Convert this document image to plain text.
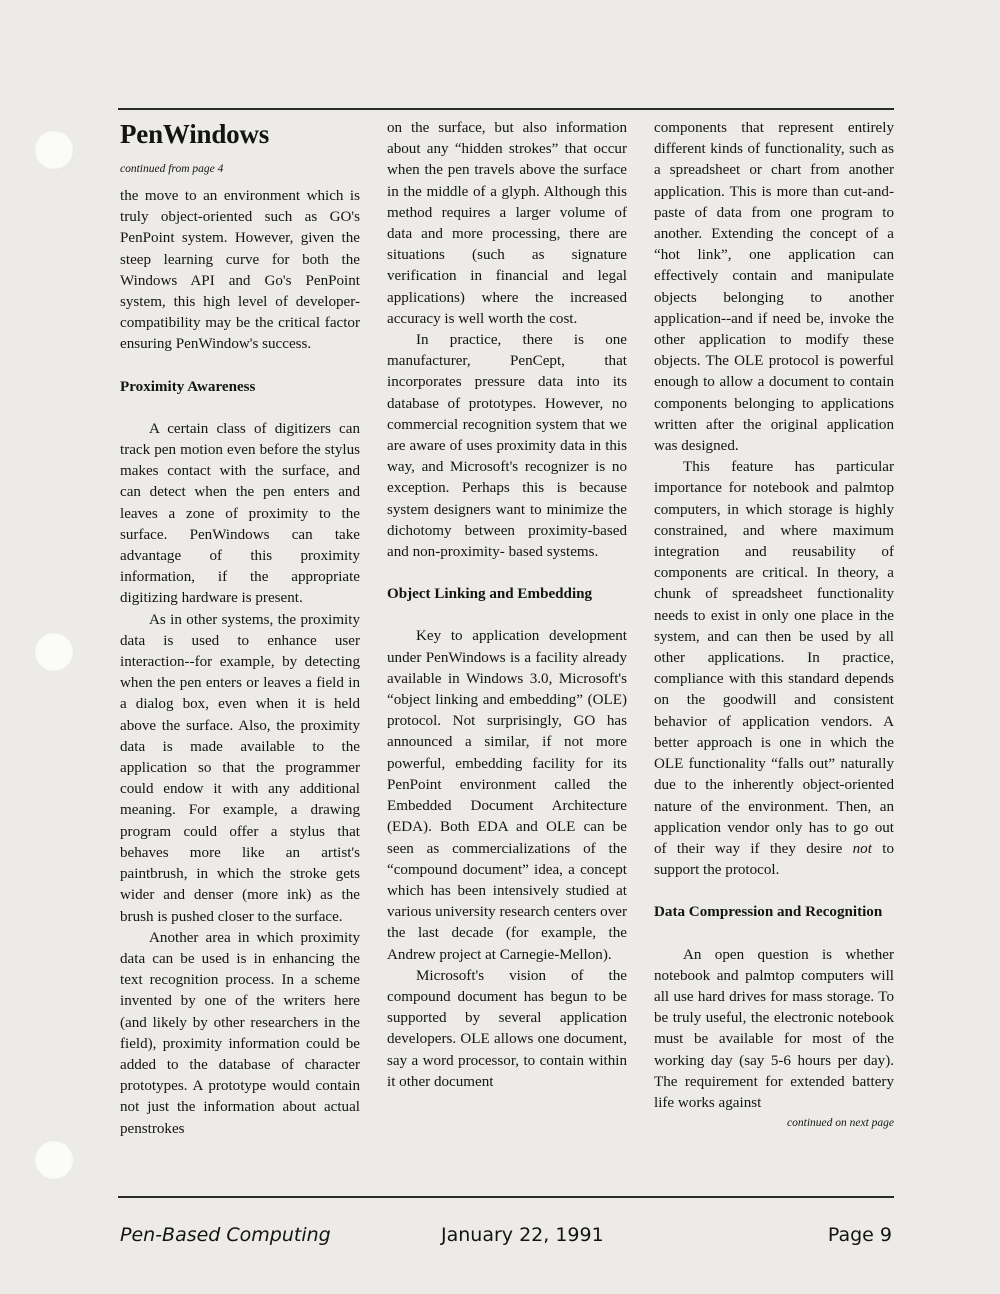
PenWindows
continued from page 4

the move to an environment which is truly object-oriented such as GO's PenPoint system. However, given the steep learning curve for both the Windows API and Go's PenPoint system, this high level of developer-compatibility may be the critical factor ensuring PenWindow's success.

Proximity Awareness

A certain class of digitizers can track pen motion even before the stylus makes contact with the surface, and can detect when the pen enters and leaves a zone of proximity to the surface. PenWindows can take advantage of this proximity information, if the appropriate digitizing hardware is present.

As in other systems, the proximity data is used to enhance user interaction--for example, by detecting when the pen enters or leaves a field in a dialog box, even when it is held above the surface. Also, the proximity data is made available to the application so that the programmer could endow it with any additional meaning. For example, a drawing program could offer a stylus that behaves more like an artist's paintbrush, in which the stroke gets wider and denser (more ink) as the brush is pushed closer to the surface.

Another area in which proximity data can be used is in enhancing the text recognition process. In a scheme invented by one of the writers here (and likely by other researchers in the field), proximity information could be added to the database of character prototypes. A prototype would contain not just the information about actual penstrokes

on the surface, but also information about any “hidden strokes” that occur when the pen travels above the surface in the middle of a glyph. Although this method requires a larger volume of data and more processing, there are situations (such as signature verification in financial and legal applications) where the increased accuracy is well worth the cost.

In practice, there is one manufacturer, PenCept, that incorporates pressure data into its database of prototypes. However, no commercial recognition system that we are aware of uses proximity data in this way, and Microsoft's recognizer is no exception. Perhaps this is because system designers want to minimize the dichotomy between proximity-based and non-proximity- based systems.

Object Linking and Embedding

Key to application development under PenWindows is a facility already available in Windows 3.0, Microsoft's “object linking and embedding” (OLE) protocol. Not surprisingly, GO has announced a similar, if not more powerful, embedding facility for its PenPoint environment called the Embedded Document Architecture (EDA). Both EDA and OLE can be seen as commercializations of the “compound document” idea, a concept which has been intensively studied at various university research centers over the last decade (for example, the Andrew project at Carnegie-Mellon).

Microsoft's vision of the compound document has begun to be supported by several application developers. OLE allows one document, say a word processor, to contain within it other document

components that represent entirely different kinds of functionality, such as a spreadsheet or chart from another application. This is more than cut-and-paste of data from one program to another. Extending the concept of a “hot link”, one application can effectively contain and manipulate objects belonging to another application--and if need be, invoke the other application to modify these objects. The OLE protocol is powerful enough to allow a document to contain components belonging to applications written after the original application was designed.

This feature has particular importance for notebook and palmtop computers, in which storage is highly constrained, and where maximum integration and reusability of components are critical. In theory, a chunk of spreadsheet functionality needs to exist in only one place in the system, and can then be used by all other applications. In practice, compliance with this standard depends on the goodwill and consistent behavior of application vendors. A better approach is one in which the OLE functionality “falls out” naturally due to the inherently object-oriented nature of the environment. Then, an application vendor only has to go out of their way if they desire not to support the protocol.

Data Compression and Recognition

An open question is whether notebook and palmtop computers will all use hard drives for mass storage. To be truly useful, the electronic notebook must be available for most of the working day (say 5-6 hours per day). The requirement for extended battery life works against

continued on next page
Pen-Based Computing	January 22, 1991	Page 9
